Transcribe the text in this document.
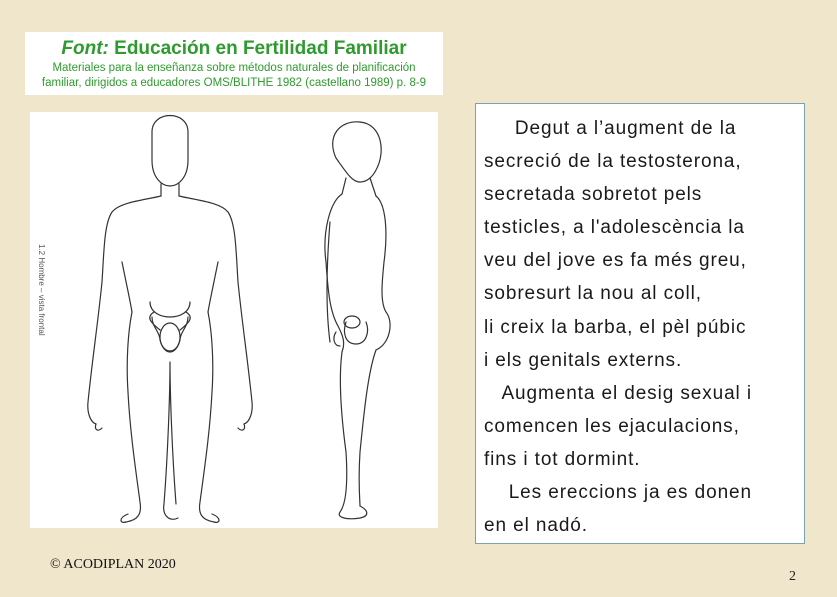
Font: Educación en Fertilidad Familiar
Materiales para la enseñanza sobre métodos naturales de planificación
familiar, dirigidos a educadores OMS/BLITHE 1982 (castellano 1989) p. 8-9
1.2 Hombre – vista frontal

Degut a l’augment de la

secreció de la testosterona,

secretada sobretot pels

testicles, a l'adolescència la

veu del jove es fa més greu,

sobresurt la nou al coll,

li creix la barba, el pèl púbic

i els genitals externs.

Augmenta el desig sexual i

comencen les ejaculacions,

fins i tot dormint.

Les ereccions ja es donen

en el nadó.

© ACODIPLAN 2020
2
